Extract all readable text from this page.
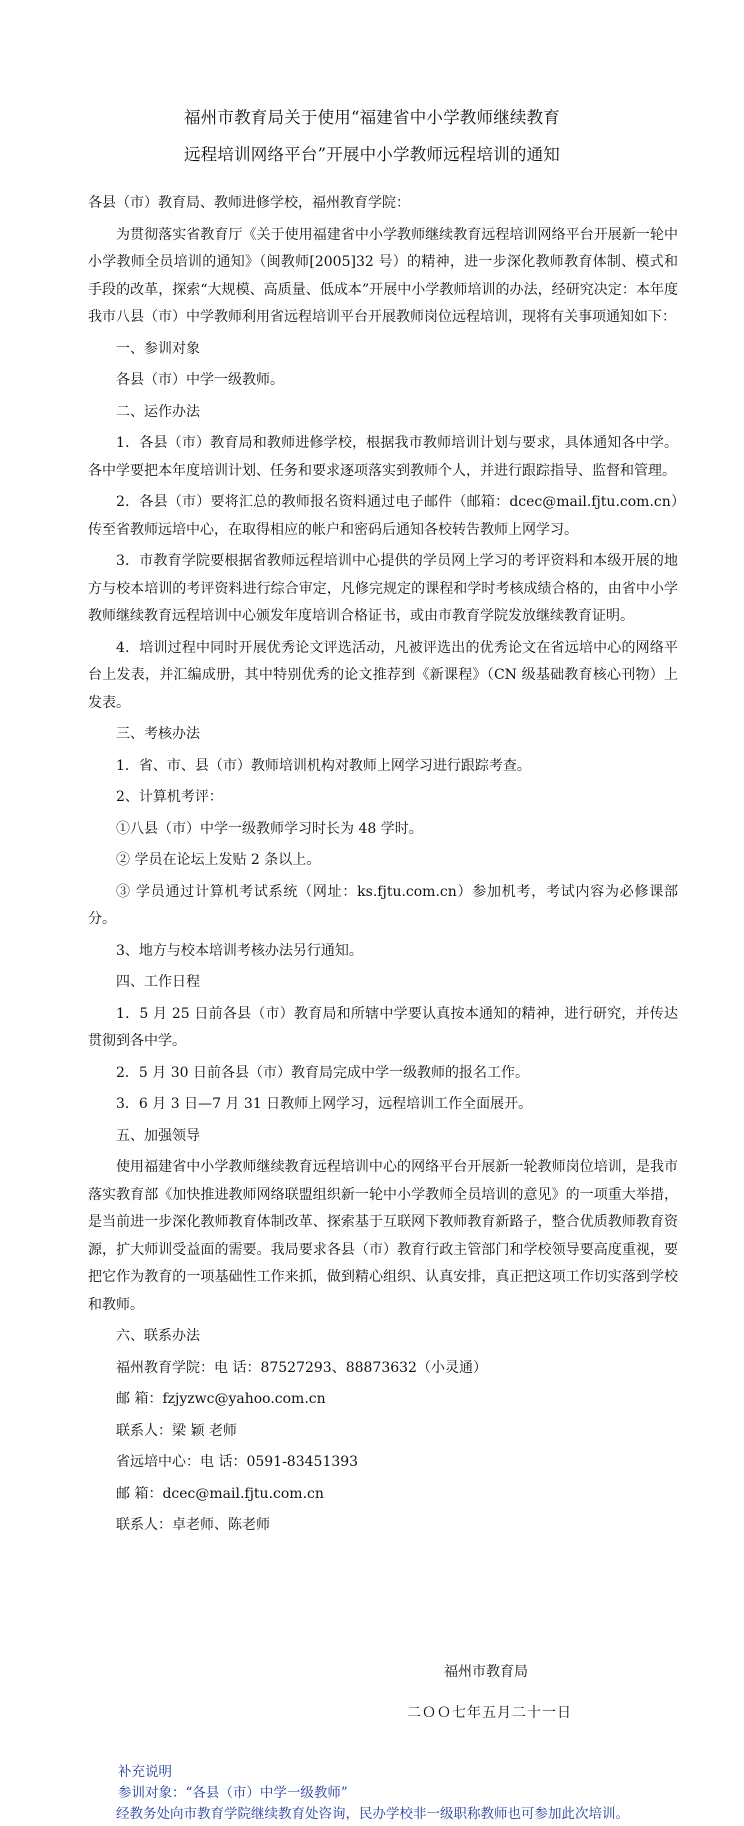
福州市教育局关于使用“福建省中小学教师继续教育
远程培训网络平台”开展中小学教师远程培训的通知

各县（市）教育局、教师进修学校，福州教育学院：

为贯彻落实省教育厅《关于使用福建省中小学教师继续教育远程培训网络平台开展新一轮中小学教师全员培训的通知》（闽教师[2005]32 号）的精神，进一步深化教师教育体制、模式和手段的改革，探索“大规模、高质量、低成本”开展中小学教师培训的办法，经研究决定：本年度我市八县（市）中学教师利用省远程培训平台开展教师岗位远程培训，现将有关事项通知如下：

一、参训对象

各县（市）中学一级教师。

二、运作办法

1．各县（市）教育局和教师进修学校，根据我市教师培训计划与要求，具体通知各中学。各中学要把本年度培训计划、任务和要求逐项落实到教师个人，并进行跟踪指导、监督和管理。

2．各县（市）要将汇总的教师报名资料通过电子邮件（邮箱：dcec@mail.fjtu.com.cn）传至省教师远培中心，在取得相应的帐户和密码后通知各校转告教师上网学习。

3．市教育学院要根据省教师远程培训中心提供的学员网上学习的考评资料和本级开展的地方与校本培训的考评资料进行综合审定，凡修完规定的课程和学时考核成绩合格的，由省中小学教师继续教育远程培训中心颁发年度培训合格证书，或由市教育学院发放继续教育证明。

4．培训过程中同时开展优秀论文评选活动，凡被评选出的优秀论文在省远培中心的网络平台上发表，并汇编成册，其中特别优秀的论文推荐到《新课程》（CN 级基础教育核心刊物）上发表。

三、考核办法

1．省、市、县（市）教师培训机构对教师上网学习进行跟踪考查。

2、计算机考评：

①八县（市）中学一级教师学习时长为 48 学时。

② 学员在论坛上发贴 2 条以上。

③ 学员通过计算机考试系统（网址：ks.fjtu.com.cn）参加机考，考试内容为必修课部分。

3、地方与校本培训考核办法另行通知。

四、工作日程

1．5 月 25 日前各县（市）教育局和所辖中学要认真按本通知的精神，进行研究，并传达贯彻到各中学。

2．5 月 30 日前各县（市）教育局完成中学一级教师的报名工作。

3．6 月 3 日—7 月 31 日教师上网学习，远程培训工作全面展开。

五、加强领导

使用福建省中小学教师继续教育远程培训中心的网络平台开展新一轮教师岗位培训，是我市落实教育部《加快推进教师网络联盟组织新一轮中小学教师全员培训的意见》的一项重大举措，是当前进一步深化教师教育体制改革、探索基于互联网下教师教育新路子，整合优质教师教育资源，扩大师训受益面的需要。我局要求各县（市）教育行政主管部门和学校领导要高度重视，要把它作为教育的一项基础性工作来抓，做到精心组织、认真安排，真正把这项工作切实落到学校和教师。

六、联系办法

福州教育学院：电 话：87527293、88873632（小灵通）

邮 箱：fzjyzwc@yahoo.com.cn

联系人：梁 颖 老师

省远培中心：电 话：0591-83451393

邮 箱：dcec@mail.fjtu.com.cn

联系人：卓老师、陈老师

福州市教育局
二ＯＯ七年五月二十一日

补充说明

参训对象：“各县（市）中学一级教师”

经教务处向市教育学院继续教育处咨询，民办学校非一级职称教师也可参加此次培训。
